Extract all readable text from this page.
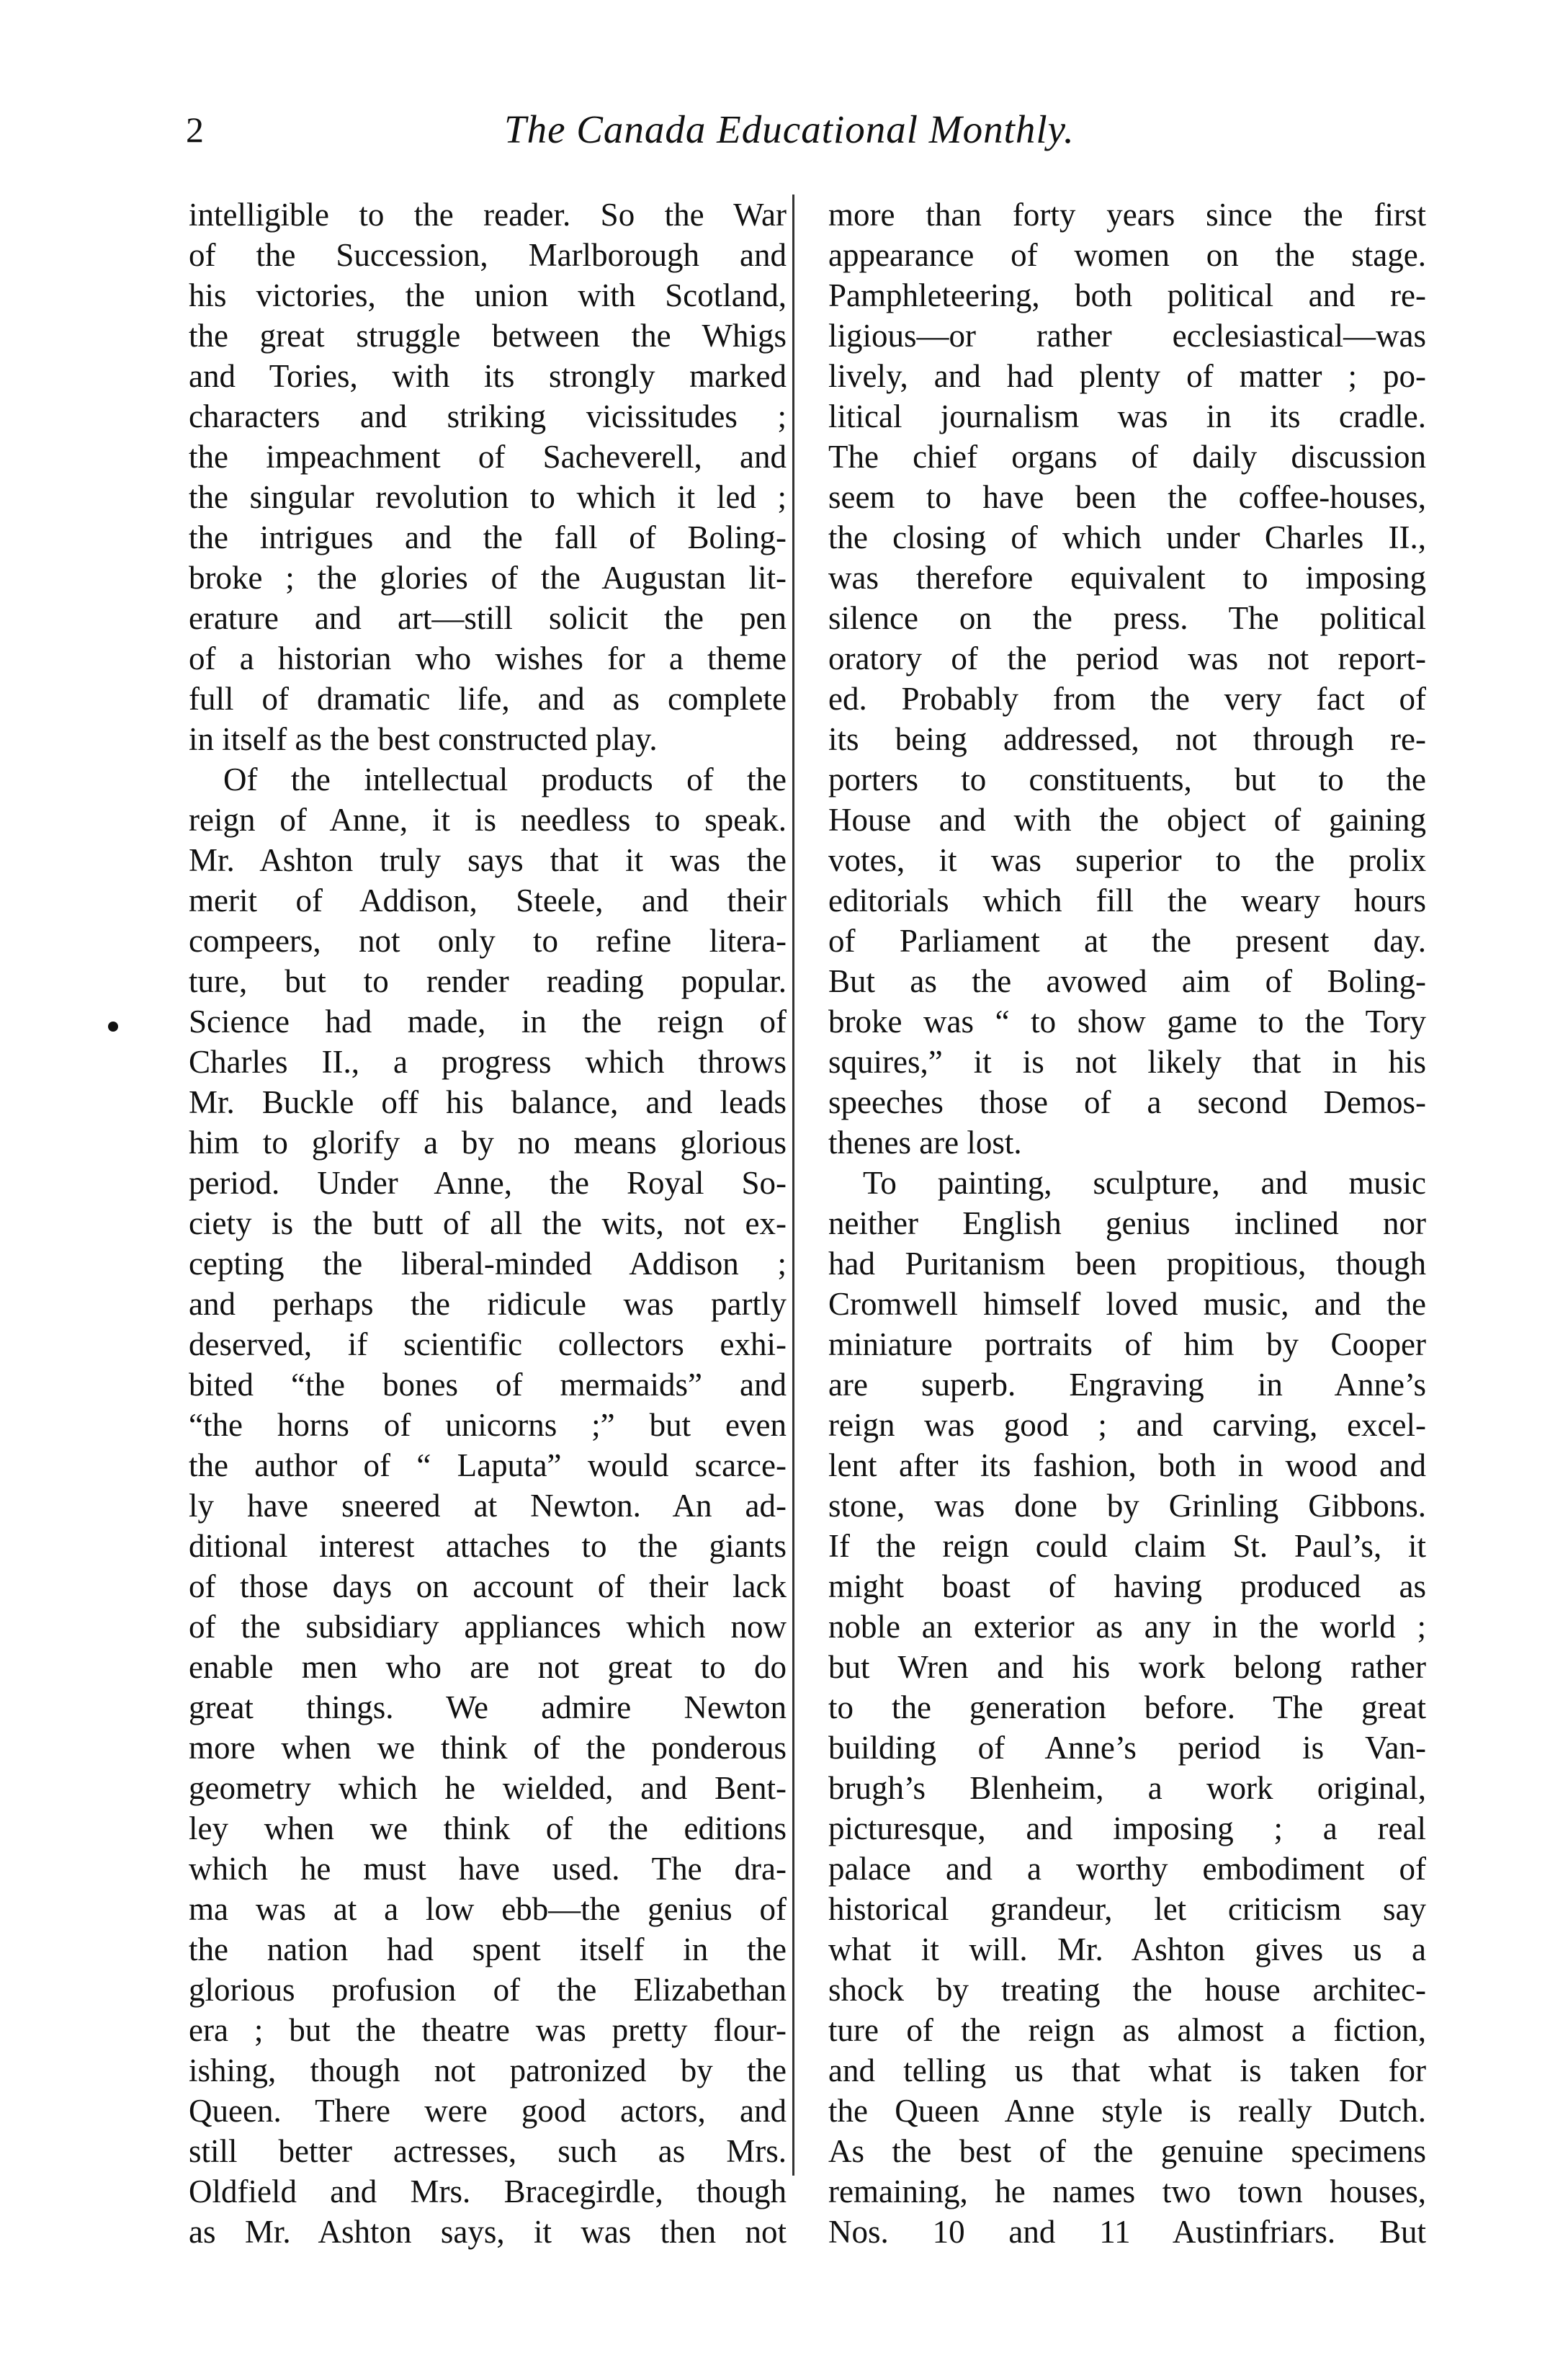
2	The Canada Educational Monthly.
intelligible to the reader. So the War
of the Succession, Marlborough and
his victories, the union with Scotland,
the great struggle between the Whigs
and Tories, with its strongly marked
characters and striking vicissitudes ;
the impeachment of Sacheverell, and
the singular revolution to which it led ;
the intrigues and the fall of Boling-
broke ; the glories of the Augustan lit-
erature and art—still solicit the pen
of a historian who wishes for a theme
full of dramatic life, and as complete
in itself as the best constructed play.
Of the intellectual products of the
reign of Anne, it is needless to speak.
Mr. Ashton truly says that it was the
merit of Addison, Steele, and their
compeers, not only to refine litera-
ture, but to render reading popular.
Science had made, in the reign of
Charles II., a progress which throws
Mr. Buckle off his balance, and leads
him to glorify a by no means glorious
period. Under Anne, the Royal So-
ciety is the butt of all the wits, not ex-
cepting the liberal-minded Addison ;
and perhaps the ridicule was partly
deserved, if scientific collectors exhi-
bited “the bones of mermaids” and
“the horns of unicorns ;” but even
the author of “ Laputa” would scarce-
ly have sneered at Newton. An ad-
ditional interest attaches to the giants
of those days on account of their lack
of the subsidiary appliances which now
enable men who are not great to do
great things. We admire Newton
more when we think of the ponderous
geometry which he wielded, and Bent-
ley when we think of the editions
which he must have used. The dra-
ma was at a low ebb—the genius of
the nation had spent itself in the
glorious profusion of the Elizabethan
era ; but the theatre was pretty flour-
ishing, though not patronized by the
Queen. There were good actors, and
still better actresses, such as Mrs.
Oldfield and Mrs. Bracegirdle, though
as Mr. Ashton says, it was then not
more than forty years since the first
appearance of women on the stage.
Pamphleteering, both political and re-
ligious—or rather ecclesiastical—was
lively, and had plenty of matter ; po-
litical journalism was in its cradle.
The chief organs of daily discussion
seem to have been the coffee-houses,
the closing of which under Charles II.,
was therefore equivalent to imposing
silence on the press. The political
oratory of the period was not report-
ed. Probably from the very fact of
its being addressed, not through re-
porters to constituents, but to the
House and with the object of gaining
votes, it was superior to the prolix
editorials which fill the weary hours
of Parliament at the present day.
But as the avowed aim of Boling-
broke was “ to show game to the Tory
squires,” it is not likely that in his
speeches those of a second Demos-
thenes are lost.
To painting, sculpture, and music
neither English genius inclined nor
had Puritanism been propitious, though
Cromwell himself loved music, and the
miniature portraits of him by Cooper
are superb. Engraving in Anne’s
reign was good ; and carving, excel-
lent after its fashion, both in wood and
stone, was done by Grinling Gibbons.
If the reign could claim St. Paul’s, it
might boast of having produced as
noble an exterior as any in the world ;
but Wren and his work belong rather
to the generation before. The great
building of Anne’s period is Van-
brugh’s Blenheim, a work original,
picturesque, and imposing ; a real
palace and a worthy embodiment of
historical grandeur, let criticism say
what it will. Mr. Ashton gives us a
shock by treating the house architec-
ture of the reign as almost a fiction,
and telling us that what is taken for
the Queen Anne style is really Dutch.
As the best of the genuine specimens
remaining, he names two town houses,
Nos. 10 and 11 Austinfriars. But
